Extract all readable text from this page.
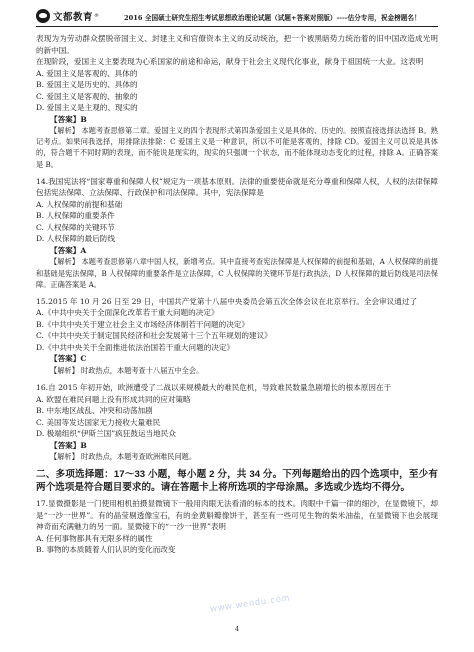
文都教育 ®	2016 全国硕士研究生招生考试思想政治理论试题（试题+答案对照版）----估分专用，祝金榜题名！

表现为为劳动群众摆脱帝国主义、封建主义和官僚资本主义的反动统治，把一个被黑暗势力统治着的旧中国改造成光明的新中国。

在现阶段，爱国主义主要表现为心系国家的前途和命运，献身于社会主义现代化事业，献身于祖国统一大业。这表明

A. 爱国主义是客观的、具体的

B. 爱国主义是历史的、具体的

C. 爱国主义是客观的、抽象的

D. 爱国主义是主观的、现实的

【答案】B

【解析】 本题考查思修第二章。爱国主义的四个表现形式第四条爱国主义是具体的、历史的。按照直接选择法选择 B。熟记考点。如果问我选择，用排除法排除：C 爱国主义是一种意识，所以不可能是客观的，排除 CD。爱国主义可以说是具体的，符合题干不同时期的表现，而不能说是现实的，现实的只强调一个状态，而不能体现动态变化的过程，排除 A。正确答案是 B。

14.我国宪法将“国家尊重和保障人权”规定为一项基本原则。法律的重要使命就是充分尊重和保障人权，人权的法律保障包括宪法保障、立法保障、行政保护和司法保障。其中，宪法保障是

A. 人权保障的前提和基础

B. 人权保障的重要条件

C. 人权保障的关键环节

D. 人权保障的最后防线

【答案】A

【解析】 本题考查思修第八章中国人权，新增考点。其中直接考查宪法保障是人权保障的前提和基础，A 人权保障的前提和基础是宪法保障，B 人权保障的重要条件是立法保障，C 人权保障的关键环节是行政执法，D 人权保障的最后防线是司法保障。正确答案是 A。

15.2015 年 10 月 26 日至 29 日，中国共产党第十八届中央委员会第五次全体会议在北京举行。全会审议通过了

A.《中共中央关于全面深化改革若干重大问题的决定》

B.《中共中央关于建立社会主义市场经济体制若干问题的决定》

C.《中共中央关于制定国民经济和社会发展第十三个五年规划的建议》

D.《中共中央关于全面推进依法治国若干重大问题的决定》

【答案】C

【解析】 时政热点，本题考查十八届五中全会。

16.自 2015 年初开始，欧洲遭受了二战以来规模最大的难民危机，导致难民数量急剧增长的根本原因在于

A. 欧盟在难民问题上没有形成共同的应对策略

B. 中东地区战乱、冲突和动荡加剧

C. 美国等发达国家无力接收大量难民

D. 极端组织“伊斯兰国”疯狂鼓运当地民众

【答案】B

【解析】 时政热点，本题考查欧洲难民问题。

二、多项选择题：17～33 小题，每小题 2 分，共 34 分。下列每题给出的四个选项中，至少有两个选项是符合题目要求的。请在答题卡上将所选项的字母涂黑。多选或少选均不得分。

17.显微摄影是一门使用相机拍摄显微镜下一般用肉眼无法看清的标本的技术。肉眼中千篇一律的细沙，在显微镜下，却是“一沙一世界”。有的晶莹剔透像宝石，有的金黄斛瓣像饼干，甚至有一些可见生物的柴米油盐，在显微镜下也会展现神奇而充满魅力的另一面。显微镜下的“一沙一世界”表明

A. 任何事物都具有无限多样的属性

B. 事物的本质随着人们认识的变化而改变

www.wendu.com
4
